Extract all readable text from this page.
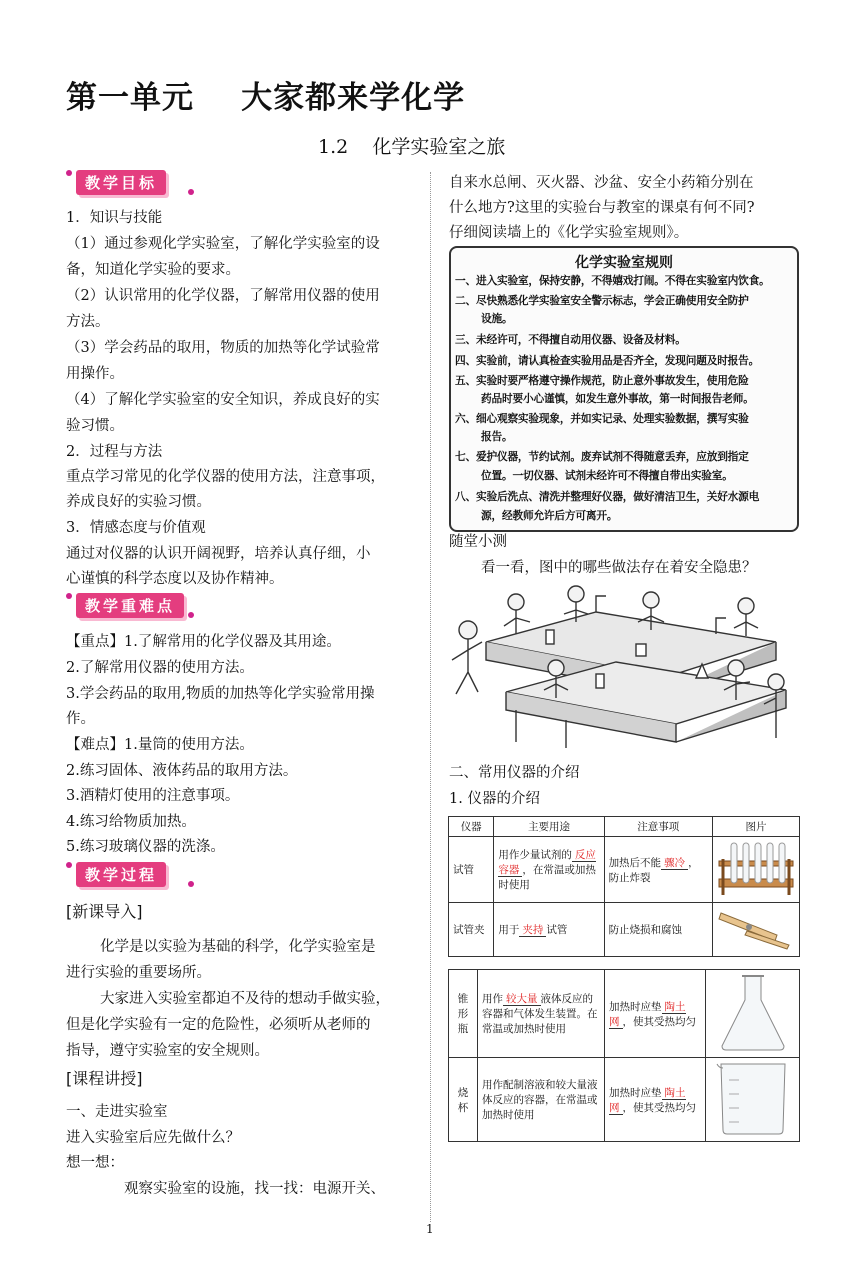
第一单元    大家都来学化学
1.2    化学实验室之旅
教学目标
1．知识与技能
（1）通过参观化学实验室，了解化学实验室的设
备，知道化学实验的要求。
（2）认识常用的化学仪器，了解常用仪器的使用
方法。
（3）学会药品的取用，物质的加热等化学试验常
用操作。
（4）了解化学实验室的安全知识，养成良好的实
验习惯。
2．过程与方法
重点学习常见的化学仪器的使用方法，注意事项，
养成良好的实验习惯。
3．情感态度与价值观
通过对仪器的认识开阔视野，培养认真仔细，小
心谨慎的科学态度以及协作精神。
教学重难点
【重点】1.了解常用的化学仪器及其用途。
2.了解常用仪器的使用方法。
3.学会药品的取用,物质的加热等化学实验常用操
作。
【难点】1.量筒的使用方法。
2.练习固体、液体药品的取用方法。
3.酒精灯使用的注意事项。
4.练习给物质加热。
5.练习玻璃仪器的洗涤。
教学过程
[新课导入]
化学是以实验为基础的科学，化学实验室是
进行实验的重要场所。
大家进入实验室都迫不及待的想动手做实验，
但是化学实验有一定的危险性，必须听从老师的
指导，遵守实验室的安全规则。
[课程讲授]
一、走进实验室
进入实验室后应先做什么？
想一想：
观察实验室的设施，找一找：电源开关、
自来水总闸、灭火器、沙盆、安全小药箱分别在
什么地方?这里的实验台与教室的课桌有何不同?
仔细阅读墙上的《化学实验室规则》。
化学实验室规则
一、进入实验室，保持安静，不得嬉戏打闹。不得在实验室内饮食。
二、尽快熟悉化学实验室安全警示标志，学会正确使用安全防护
设施。
三、未经许可，不得擅自动用仪器、设备及材料。
四、实验前，请认真检查实验用品是否齐全，发现问题及时报告。
五、实验时要严格遵守操作规范，防止意外事故发生，使用危险
药品时要小心谨慎，如发生意外事故，第一时间报告老师。
六、细心观察实验现象，并如实记录、处理实验数据，撰写实验
报告。
七、爱护仪器，节约试剂。废弃试剂不得随意丢弃，应放到指定
位置。一切仪器、试剂未经许可不得擅自带出实验室。
八、实验后洗点、清洗并整理好仪器，做好清洁卫生，关好水源电
源，经教师允许后方可离开。
随堂小测
看一看，图中的哪些做法存在着安全隐患？
二、常用仪器的介绍
1. 仪器的介绍
仪器	主要用途	注意事项	图片
试管	用作少量试剂的 反应容器 ，在常温或加热时使用	加热后不能 骤冷 ，防止炸裂	
试管夹	用于 夹持 试管	防止烧损和腐蚀	
锥形瓶	用作 较大量 液体反应的容器和气体发生装置。在常温或加热时使用	加热时应垫 陶土网 ，使其受热均匀	
烧杯	用作配制溶液和较大量液体反应的容器，在常温或加热时使用	加热时应垫 陶土网 ，使其受热均匀	
1
